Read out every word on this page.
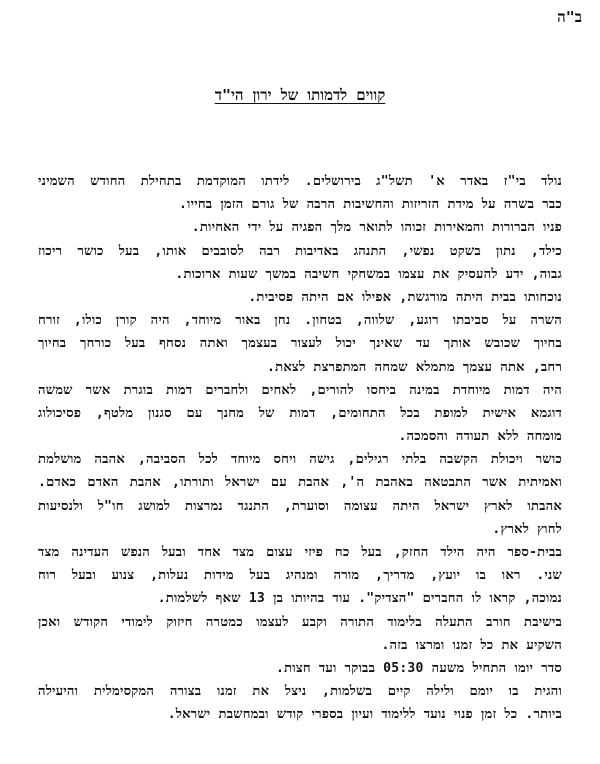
ב"ה
קווים לדמותו של ירון הי"ד
נולד בי"ז באדר א' תשל"ג בירושלים. לידתו המוקדמת בתחילת החודש השמיני
כבר בשרה על מידת הזריזות והחשיבות הרבה של גורם הזמן בחייו.
פניו הברורות והמאירות זכוהו לתואר מלך הפגיה על ידי האחיות.
כילד, נתון בשקט נפשי, התנהג באדיבות רבה לסובבים אותו, בעל כושר ריכוז
גבוה, ידע להעסיק את עצמו במשחקי חשיבה במשך שעות ארוכות.
נוכחותו בבית היתה מורגשת, אפילו אם היתה פסיבית.
השרה על סביבתו רוגע, שלווה, בטחון. נחן באור מיוחד, היה קורן כולו, זורח
בחיוך שכובש אותך עד שאינך יכול לעצור בעצמך ואתה נסחף בעל כורחך בחיוך
רחב, אתה עצמך מתמלא שמחה המתפרצת לצאת.
היה דמות מיוחדת במינה ביחסו להורים, לאחים ולחברים דמות בוגרת אשר שמשה
דוגמא אישית למופת בכל התחומים, דמות של מחנך עם סגנון מלטף, פסיכולוג
מומחה ללא תעודה והסמכה.
כושר ויכולת הקשבה בלתי רגילים, גישה ויחס מיוחד לכל הסביבה, אהבה מושלמת
ואמיתית אשר התבטאה באהבת ה', אהבת עם ישראל ותורתו, אהבת האדם כאדם.
אהבתו לארץ ישראל היתה עצומה וסוערת, התנגד נמרצות למושג חו"ל ולנסיעות
לחוץ לארץ.
בבית-ספר היה הילד החזק, בעל כח פיזי עצום מצד אחד ובעל הנפש העדינה מצד
שני. ראו בו יועץ, מדריך, מורה ומנהיג בעל מידות נעלות, צנוע ובעל רוח
נמוכה, קראו לו החברים "הצדיק". עוד בהיותו בן 13 שאף לשלמות.
בישיבת חורב התעלה בלימוד התורה וקבע לעצמו כמטרה חיזוק לימודי הקודש ואכן
השקיע את כל זמנו ומרצו בזה.
סדר יומו התחיל משעה 05:30 בבוקר ועד חצות.
והגית בו יומם ולילה קיים בשלמות, ניצל את זמנו בצורה המקסימלית והיעילה
ביותר. כל זמן פנוי נועד ללימוד ועיון בספרי קודש ובמחשבת ישראל.
